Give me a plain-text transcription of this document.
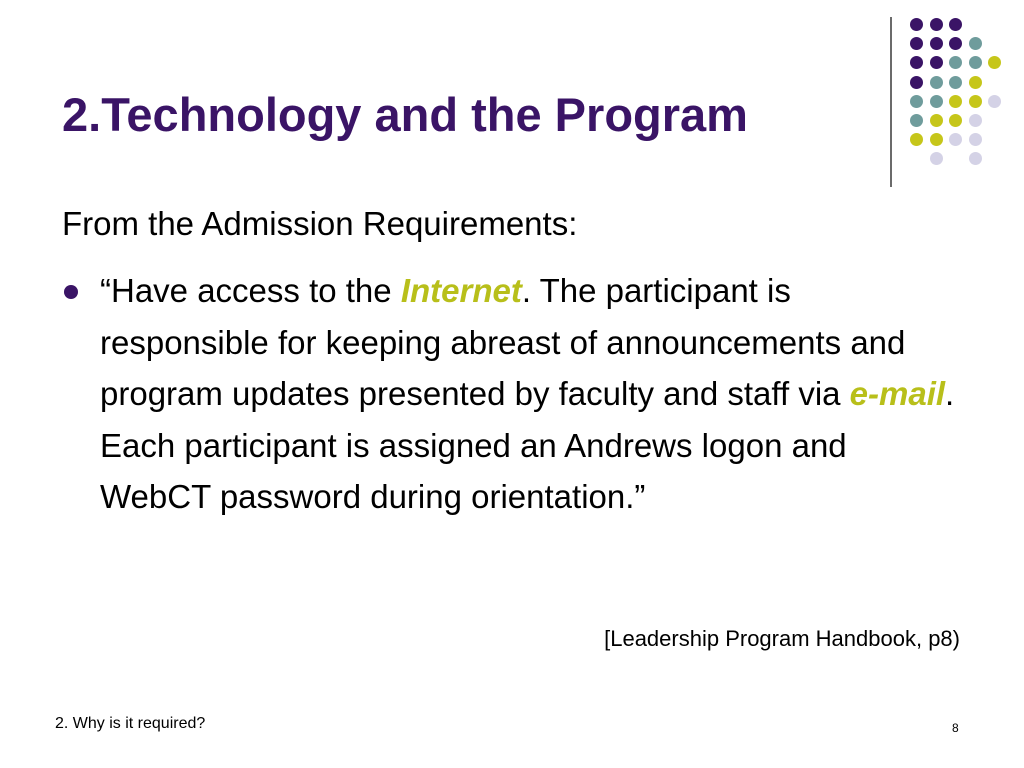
2.Technology and the Program
From the Admission Requirements:

“Have access to the Internet. The participant is responsible for keeping abreast of announcements and program updates presented by faculty and staff via e-mail. Each participant is assigned an Andrews logon and WebCT password during orientation.”

[Leadership Program Handbook, p8)
2. Why is it required?	8
